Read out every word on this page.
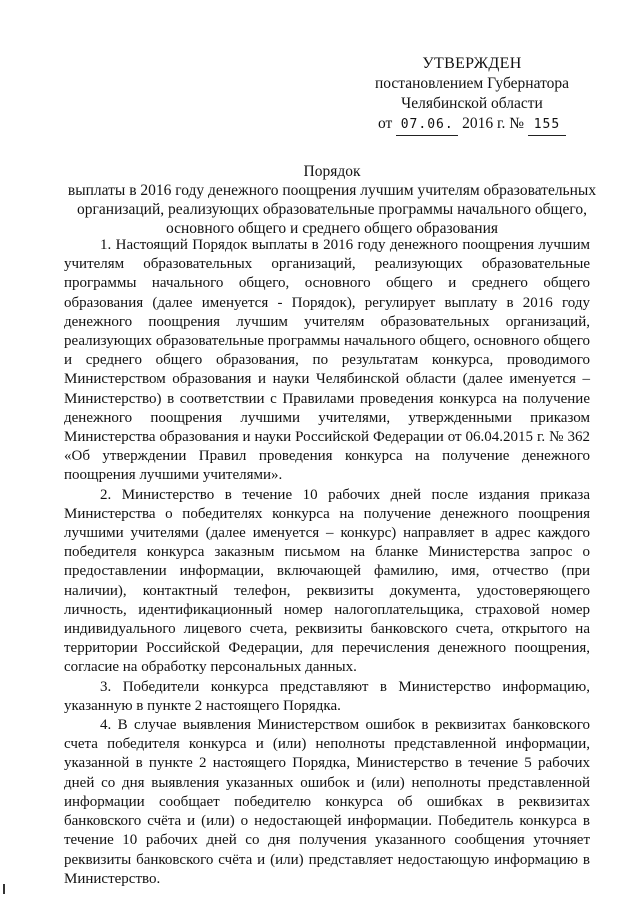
УТВЕРЖДЕН
постановлением Губернатора
Челябинской области
от 07.06. 2016 г. № 155
Порядок
выплаты в 2016 году денежного поощрения лучшим учителям образовательных организаций, реализующих образовательные программы начального общего, основного общего и среднего общего образования

1. Настоящий Порядок выплаты в 2016 году денежного поощрения лучшим учителям образовательных организаций, реализующих образовательные программы начального общего, основного общего и среднего общего образования (далее именуется - Порядок), регулирует выплату в 2016 году денежного поощрения лучшим учителям образовательных организаций, реализующих образовательные программы начального общего, основного общего и среднего общего образования, по результатам конкурса, проводимого Министерством образования и науки Челябинской области (далее именуется – Министерство) в соответствии с Правилами проведения конкурса на получение денежного поощрения лучшими учителями, утвержденными приказом Министерства образования и науки Российской Федерации от 06.04.2015 г. № 362 «Об утверждении Правил проведения конкурса на получение денежного поощрения лучшими учителями».

2. Министерство в течение 10 рабочих дней после издания приказа Министерства о победителях конкурса на получение денежного поощрения лучшими учителями (далее именуется – конкурс) направляет в адрес каждого победителя конкурса заказным письмом на бланке Министерства запрос о предоставлении информации, включающей фамилию, имя, отчество (при наличии), контактный телефон, реквизиты документа, удостоверяющего личность, идентификационный номер налогоплательщика, страховой номер индивидуального лицевого счета, реквизиты банковского счета, открытого на территории Российской Федерации, для перечисления денежного поощрения, согласие на обработку персональных данных.

3. Победители конкурса представляют в Министерство информацию, указанную в пункте 2 настоящего Порядка.

4. В случае выявления Министерством ошибок в реквизитах банковского счета победителя конкурса и (или) неполноты представленной информации, указанной в пункте 2 настоящего Порядка, Министерство в течение 5 рабочих дней со дня выявления указанных ошибок и (или) неполноты представленной информации сообщает победителю конкурса об ошибках в реквизитах банковского счёта и (или) о недостающей информации. Победитель конкурса в течение 10 рабочих дней со дня получения указанного сообщения уточняет реквизиты банковского счёта и (или) представляет недостающую информацию в Министерство.
